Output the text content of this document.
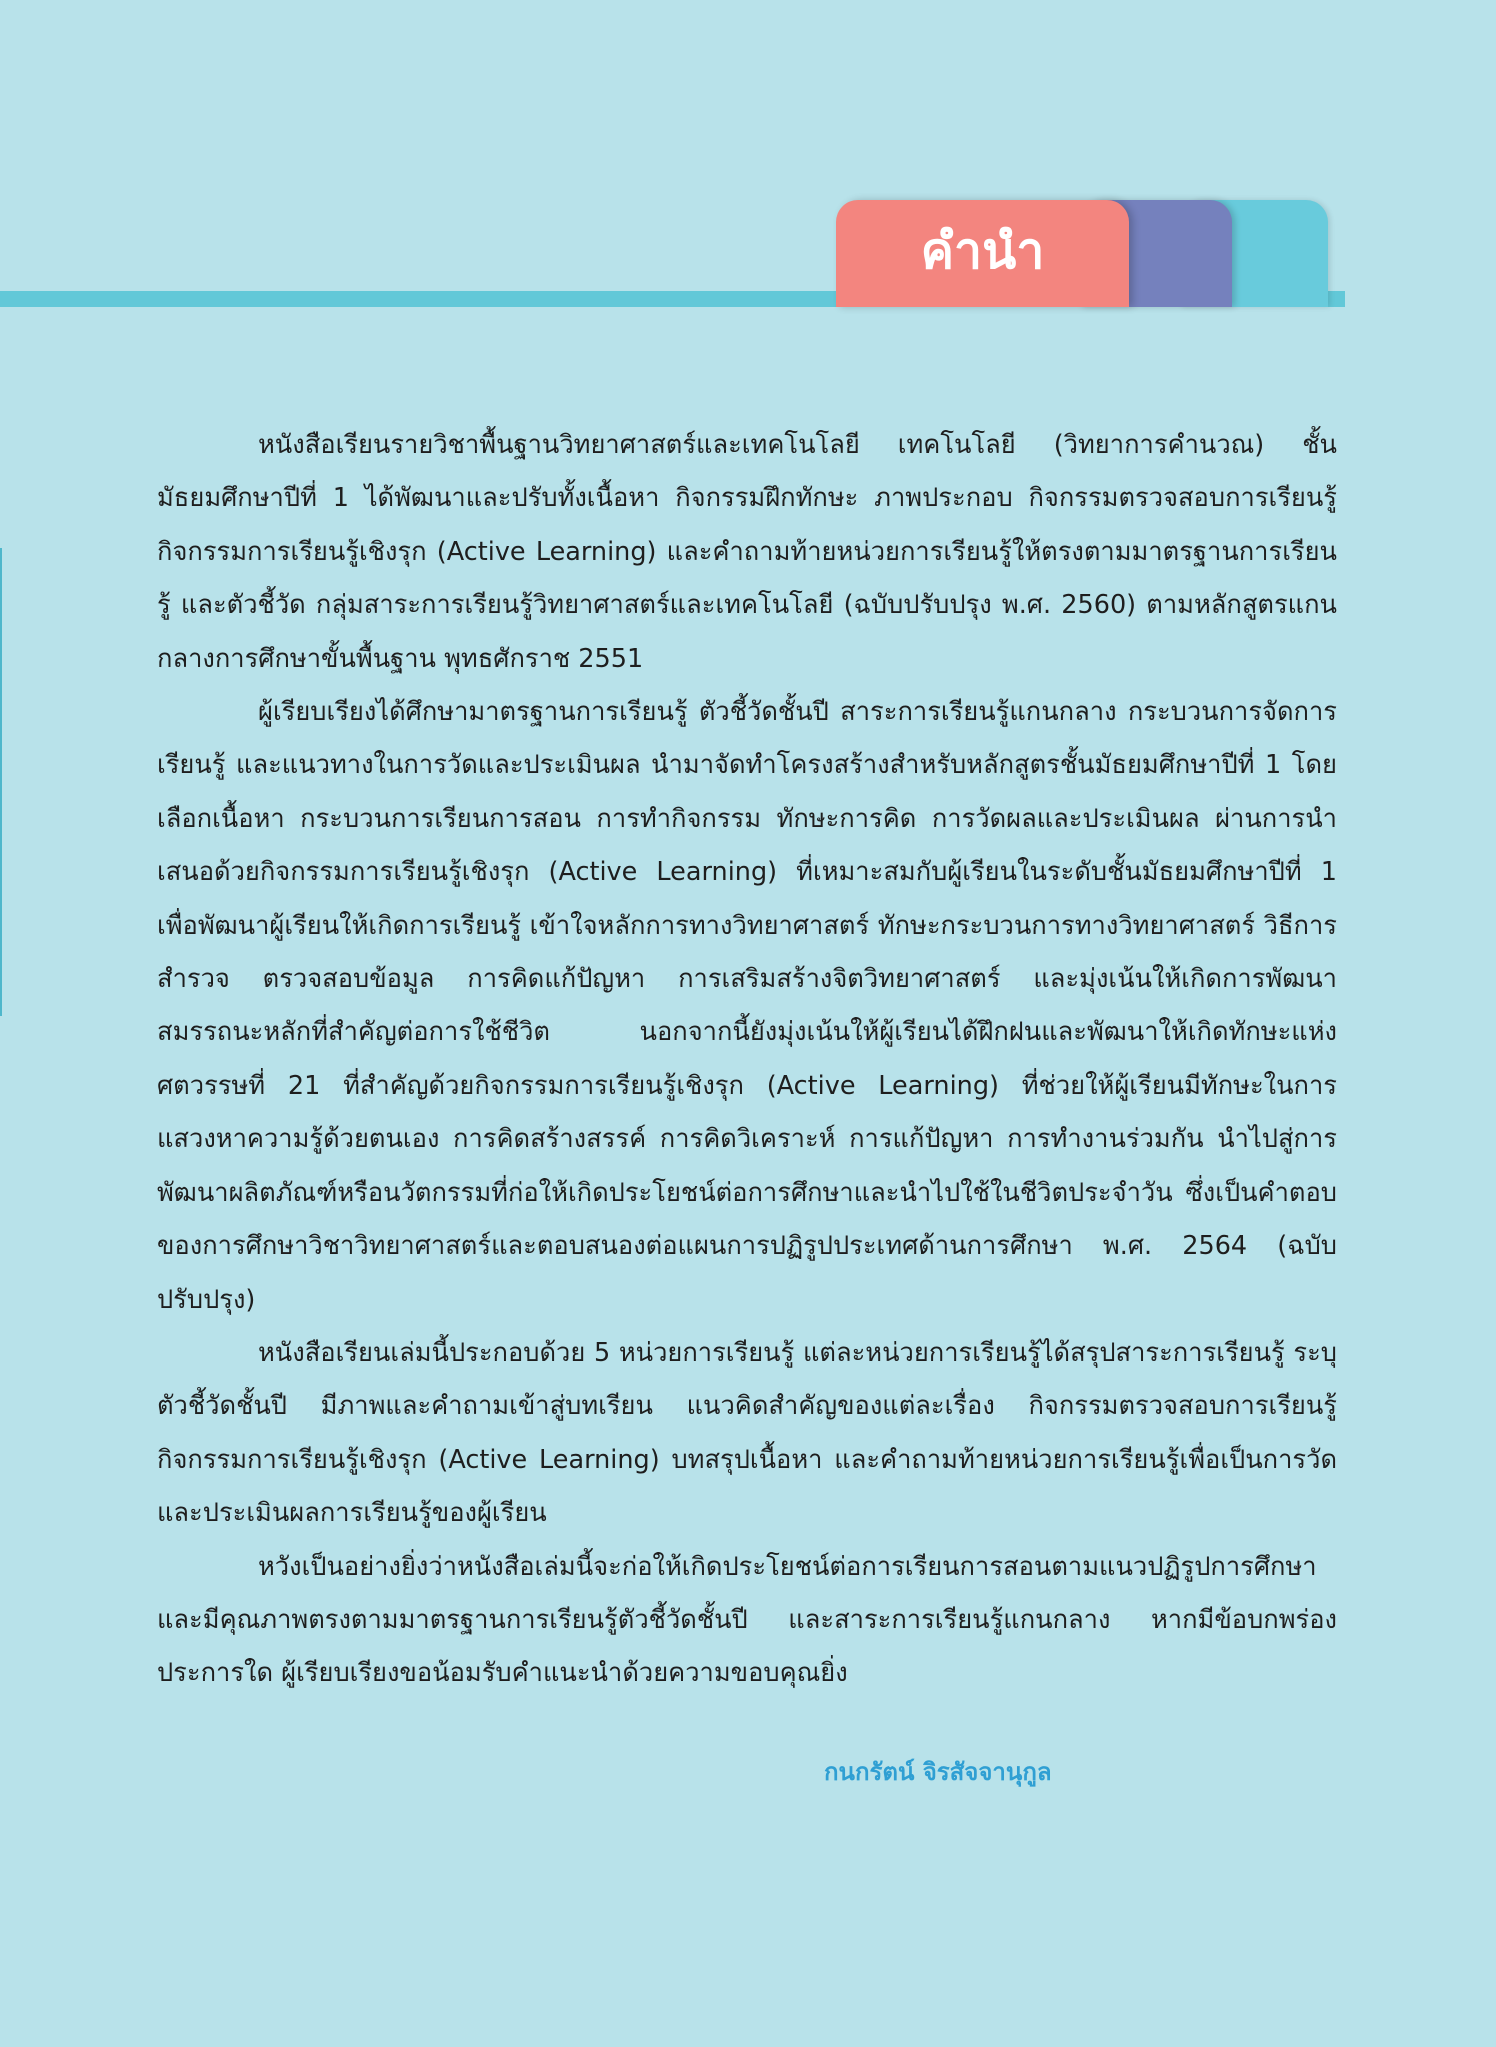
คำนำ

หนังสือเรียนรายวิชาพื้นฐานวิทยาศาสตร์และเทคโนโลยี เทคโนโลยี (วิทยาการคำนวณ) ชั้นมัธยมศึกษาปีที่ 1 ได้พัฒนาและปรับทั้งเนื้อหา กิจกรรมฝึกทักษะ ภาพประกอบ กิจกรรมตรวจสอบการเรียนรู้ กิจกรรมการเรียนรู้เชิงรุก (Active Learning) และคำถามท้ายหน่วยการเรียนรู้ให้ตรงตามมาตรฐานการเรียนรู้ และตัวชี้วัด กลุ่มสาระการเรียนรู้วิทยาศาสตร์และเทคโนโลยี (ฉบับปรับปรุง พ.ศ. 2560) ตามหลักสูตรแกนกลางการศึกษาขั้นพื้นฐาน พุทธศักราช 2551

ผู้เรียบเรียงได้ศึกษามาตรฐานการเรียนรู้ ตัวชี้วัดชั้นปี สาระการเรียนรู้แกนกลาง กระบวนการจัดการเรียนรู้ และแนวทางในการวัดและประเมินผล นำมาจัดทำโครงสร้างสำหรับหลักสูตรชั้นมัธยมศึกษาปีที่ 1 โดยเลือกเนื้อหา กระบวนการเรียนการสอน การทำกิจกรรม ทักษะการคิด การวัดผลและประเมินผล ผ่านการนำเสนอด้วยกิจกรรมการเรียนรู้เชิงรุก (Active Learning) ที่เหมาะสมกับผู้เรียนในระดับชั้นมัธยมศึกษาปีที่ 1 เพื่อพัฒนาผู้เรียนให้เกิดการเรียนรู้ เข้าใจหลักการทางวิทยาศาสตร์ ทักษะกระบวนการทางวิทยาศาสตร์ วิธีการสำรวจ ตรวจสอบข้อมูล การคิดแก้ปัญหา การเสริมสร้างจิตวิทยาศาสตร์ และมุ่งเน้นให้เกิดการพัฒนาสมรรถนะหลักที่สำคัญต่อการใช้ชีวิต นอกจากนี้ยังมุ่งเน้นให้ผู้เรียนได้ฝึกฝนและพัฒนาให้เกิดทักษะแห่งศตวรรษที่ 21 ที่สำคัญด้วยกิจกรรมการเรียนรู้เชิงรุก (Active Learning) ที่ช่วยให้ผู้เรียนมีทักษะในการแสวงหาความรู้ด้วยตนเอง การคิดสร้างสรรค์ การคิดวิเคราะห์ การแก้ปัญหา การทำงานร่วมกัน นำไปสู่การพัฒนาผลิตภัณฑ์หรือนวัตกรรมที่ก่อให้เกิดประโยชน์ต่อการศึกษาและนำไปใช้ในชีวิตประจำวัน ซึ่งเป็นคำตอบของการศึกษาวิชาวิทยาศาสตร์และตอบสนองต่อแผนการปฏิรูปประเทศด้านการศึกษา พ.ศ. 2564 (ฉบับปรับปรุง)

หนังสือเรียนเล่มนี้ประกอบด้วย 5 หน่วยการเรียนรู้ แต่ละหน่วยการเรียนรู้ได้สรุปสาระการเรียนรู้ ระบุตัวชี้วัดชั้นปี มีภาพและคำถามเข้าสู่บทเรียน แนวคิดสำคัญของแต่ละเรื่อง กิจกรรมตรวจสอบการเรียนรู้ กิจกรรมการเรียนรู้เชิงรุก (Active Learning) บทสรุปเนื้อหา และคำถามท้ายหน่วยการเรียนรู้เพื่อเป็นการวัดและประเมินผลการเรียนรู้ของผู้เรียน

หวังเป็นอย่างยิ่งว่าหนังสือเล่มนี้จะก่อให้เกิดประโยชน์ต่อการเรียนการสอนตามแนวปฏิรูปการศึกษา และมีคุณภาพตรงตามมาตรฐานการเรียนรู้ตัวชี้วัดชั้นปี และสาระการเรียนรู้แกนกลาง หากมีข้อบกพร่องประการใด ผู้เรียบเรียงขอน้อมรับคำแนะนำด้วยความขอบคุณยิ่ง

กนกรัตน์ จิรสัจจานุกูล
